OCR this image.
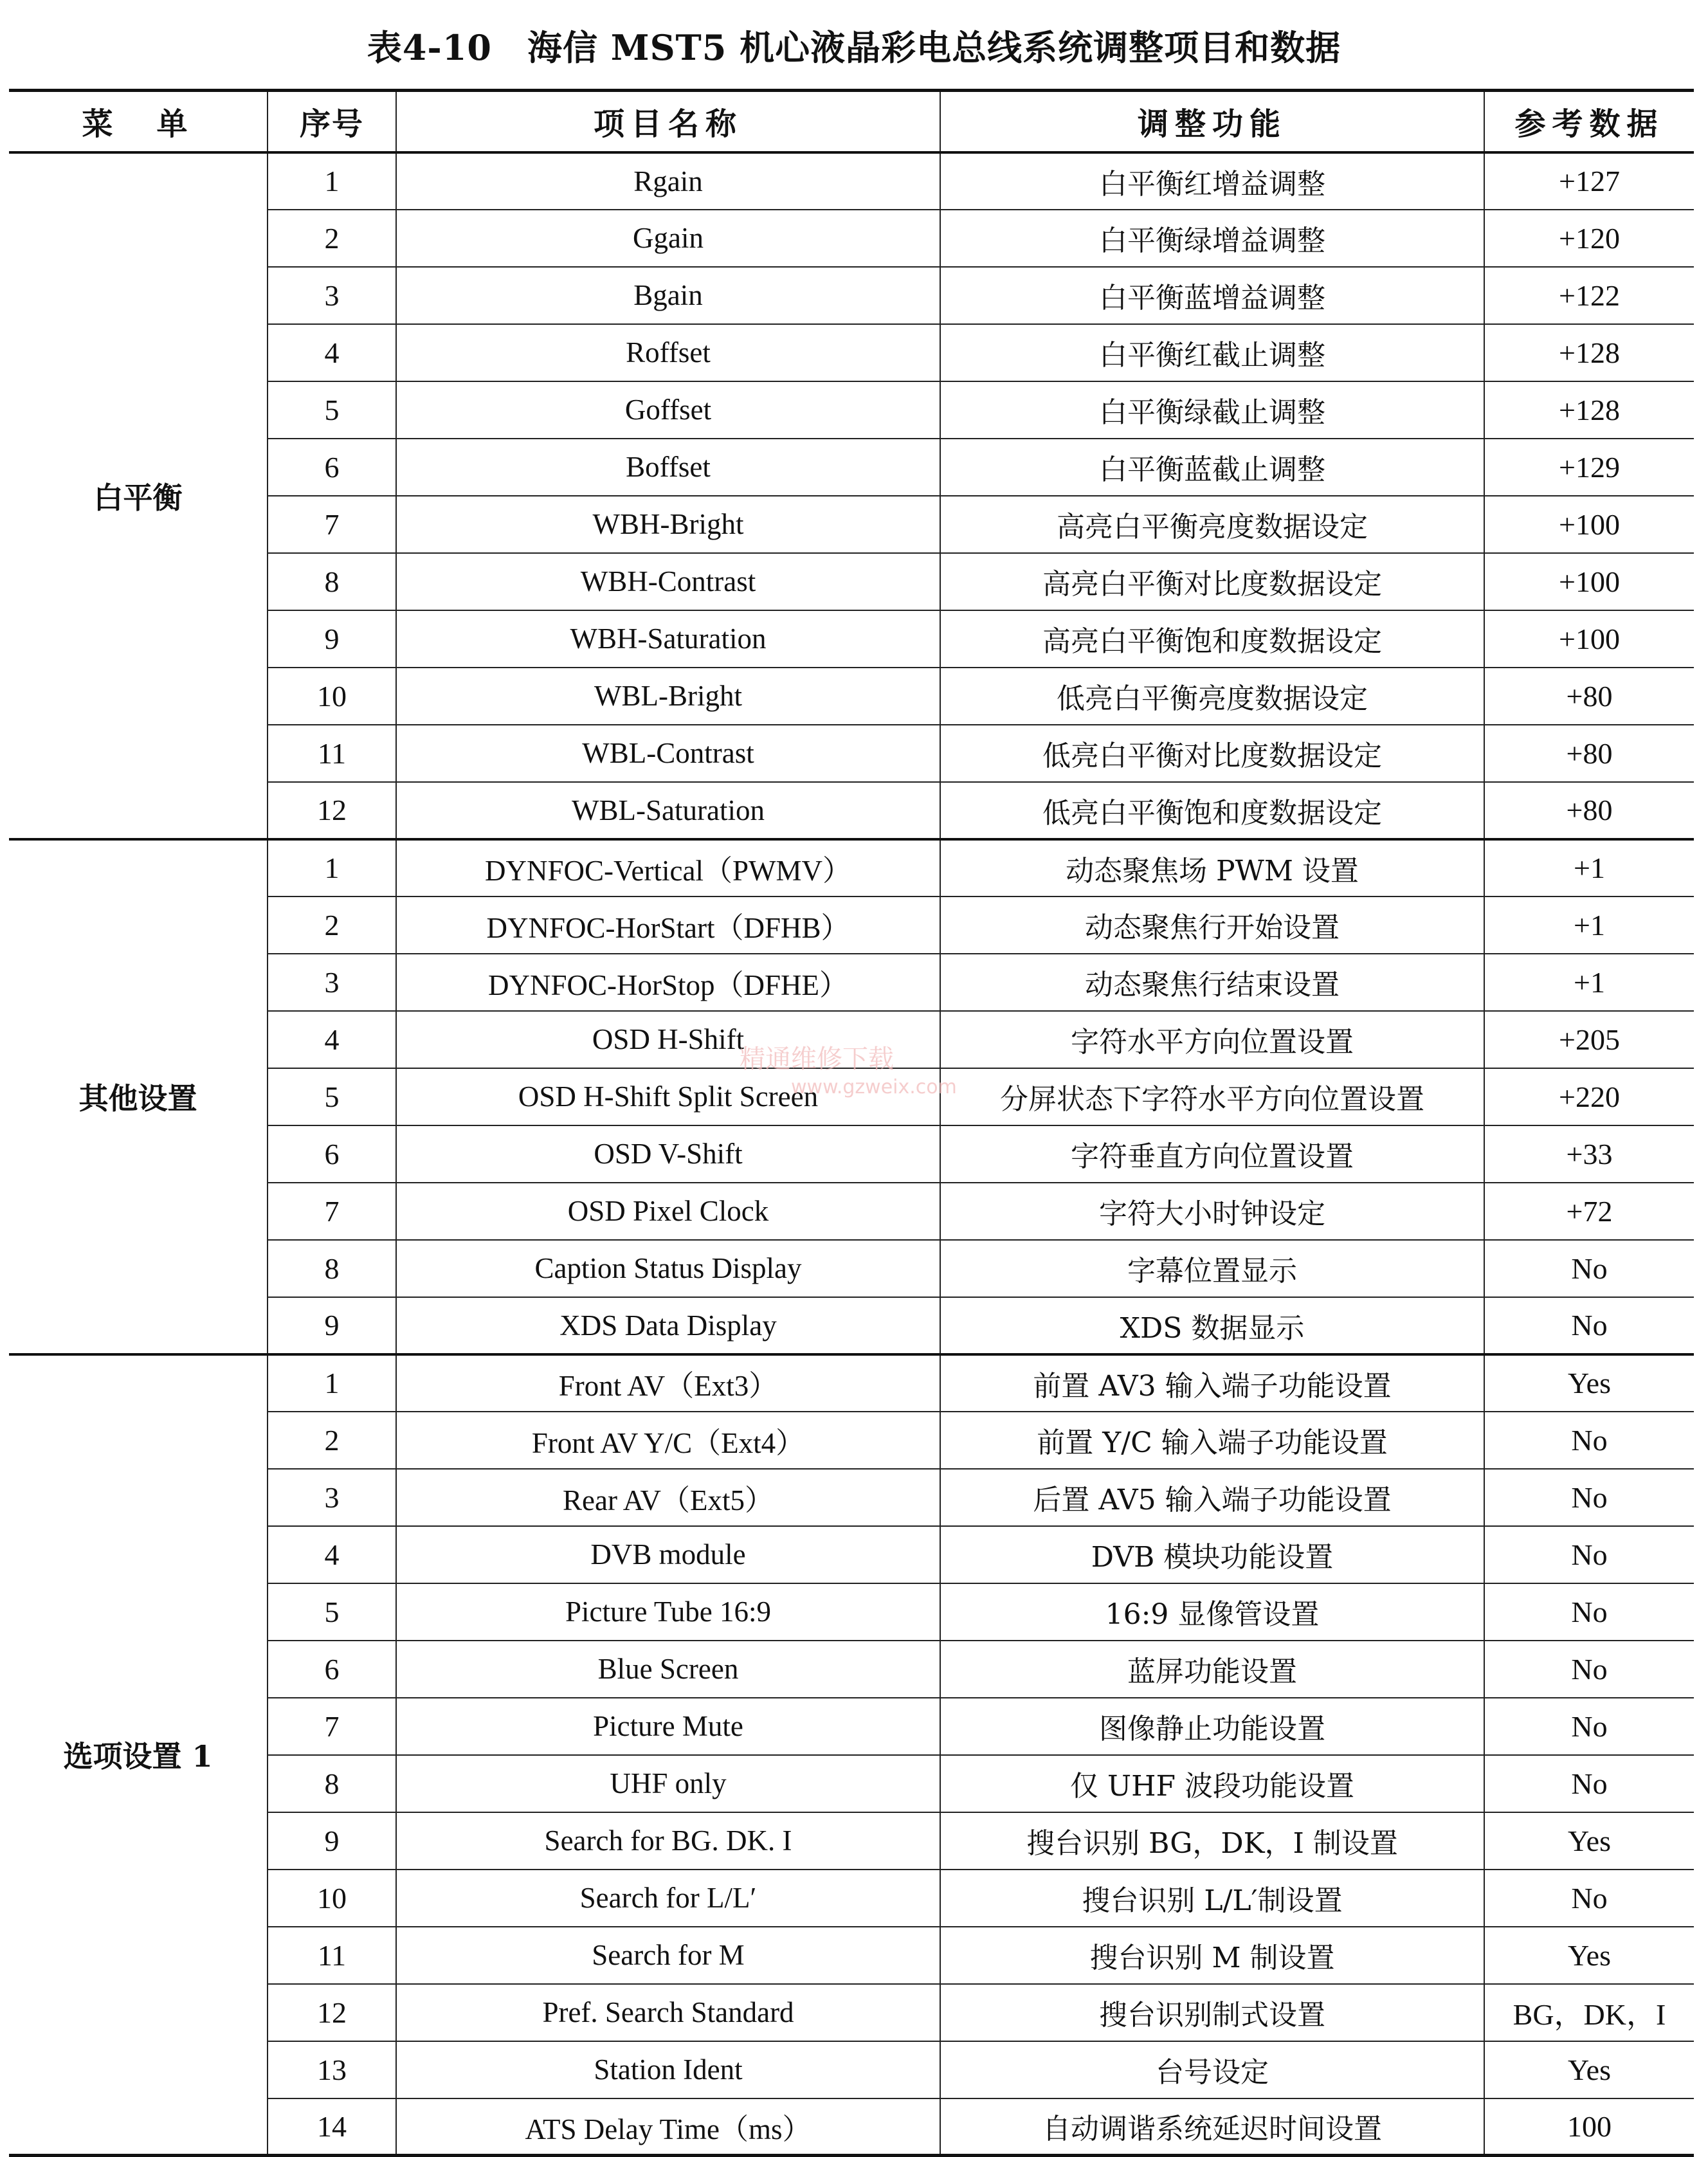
表4-10　海信 MST5 机心液晶彩电总线系统调整项目和数据
菜　单	序号	项目名称	调整功能	参考数据
白平衡	1	Rgain	白平衡红增益调整	+127
	2	Ggain	白平衡绿增益调整	+120
	3	Bgain	白平衡蓝增益调整	+122
	4	Roffset	白平衡红截止调整	+128
	5	Goffset	白平衡绿截止调整	+128
	6	Boffset	白平衡蓝截止调整	+129
	7	WBH-Bright	高亮白平衡亮度数据设定	+100
	8	WBH-Contrast	高亮白平衡对比度数据设定	+100
	9	WBH-Saturation	高亮白平衡饱和度数据设定	+100
	10	WBL-Bright	低亮白平衡亮度数据设定	+80
	11	WBL-Contrast	低亮白平衡对比度数据设定	+80
	12	WBL-Saturation	低亮白平衡饱和度数据设定	+80
其他设置	1	DYNFOC-Vertical（PWMV）	动态聚焦场 PWM 设置	+1
	2	DYNFOC-HorStart（DFHB）	动态聚焦行开始设置	+1
	3	DYNFOC-HorStop（DFHE）	动态聚焦行结束设置	+1
	4	OSD H-Shift	字符水平方向位置设置	+205
	5	OSD H-Shift Split Screen	分屏状态下字符水平方向位置设置	+220
	6	OSD V-Shift	字符垂直方向位置设置	+33
	7	OSD Pixel Clock	字符大小时钟设定	+72
	8	Caption Status Display	字幕位置显示	No
	9	XDS Data Display	XDS 数据显示	No
选项设置 1	1	Front AV（Ext3）	前置 AV3 输入端子功能设置	Yes
	2	Front AV Y/C（Ext4）	前置 Y/C 输入端子功能设置	No
	3	Rear AV（Ext5）	后置 AV5 输入端子功能设置	No
	4	DVB module	DVB 模块功能设置	No
	5	Picture Tube 16:9	16:9 显像管设置	No
	6	Blue Screen	蓝屏功能设置	No
	7	Picture Mute	图像静止功能设置	No
	8	UHF only	仅 UHF 波段功能设置	No
	9	Search for BG. DK. I	搜台识别 BG，DK，I 制设置	Yes
	10	Search for L/L′	搜台识别 L/L′制设置	No
	11	Search for M	搜台识别 M 制设置	Yes
	12	Pref. Search Standard	搜台识别制式设置	BG，DK，I
	13	Station Ident	台号设定	Yes
	14	ATS Delay Time（ms）	自动调谐系统延迟时间设置	100
精通维修下载
www.gzweix.com
